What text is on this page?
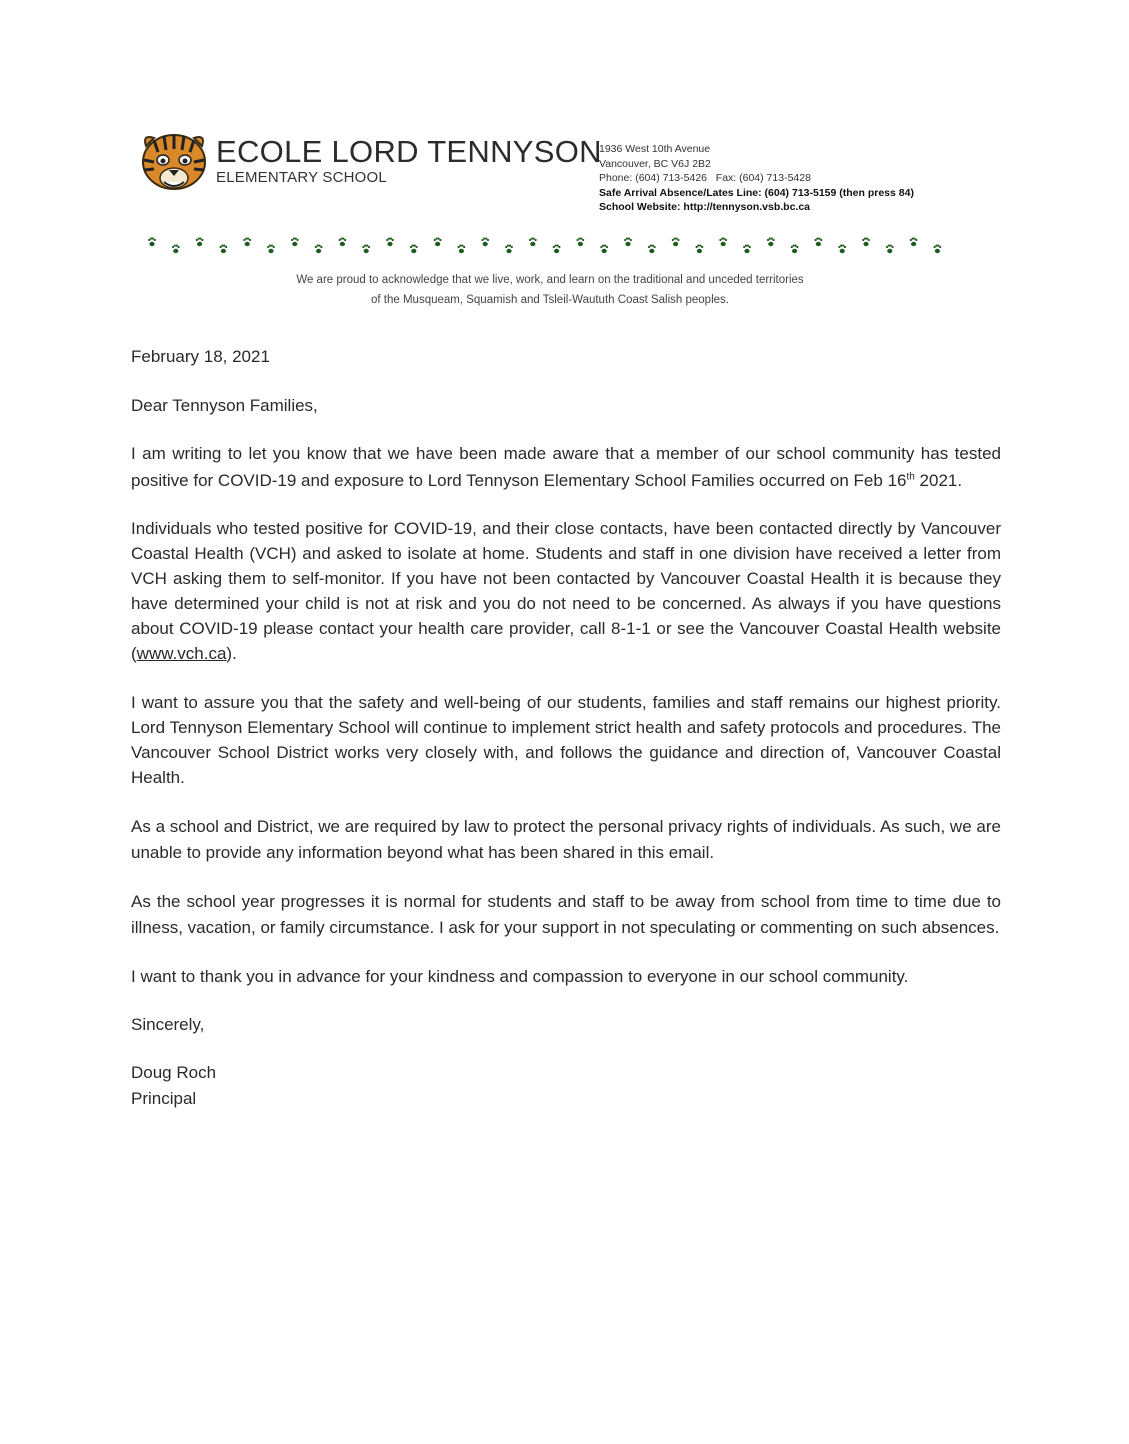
ECOLE LORD TENNYSON
ELEMENTARY SCHOOL
1936 West 10th Avenue
Vancouver, BC V6J 2B2
Phone: (604) 713-5426 Fax: (604) 713-5428
Safe Arrival Absence/Lates Line: (604) 713-5159 (then press 84)
School Website: http://tennyson.vsb.bc.ca
We are proud to acknowledge that we live, work, and learn on the traditional and unceded territories
of the Musqueam, Squamish and Tsleil-Waututh Coast Salish peoples.

February 18, 2021

Dear Tennyson Families,

I am writing to let you know that we have been made aware that a member of our school community has tested positive for COVID-19 and exposure to Lord Tennyson Elementary School Families occurred on Feb 16th 2021.

Individuals who tested positive for COVID-19, and their close contacts, have been contacted directly by Vancouver Coastal Health (VCH) and asked to isolate at home. Students and staff in one division have received a letter from VCH asking them to self-monitor. If you have not been contacted by Vancouver Coastal Health it is because they have determined your child is not at risk and you do not need to be concerned. As always if you have questions about COVID-19 please contact your health care provider, call 8-1-1 or see the Vancouver Coastal Health website (www.vch.ca).

I want to assure you that the safety and well-being of our students, families and staff remains our highest priority. Lord Tennyson Elementary School will continue to implement strict health and safety protocols and procedures. The Vancouver School District works very closely with, and follows the guidance and direction of, Vancouver Coastal Health.

As a school and District, we are required by law to protect the personal privacy rights of individuals. As such, we are unable to provide any information beyond what has been shared in this email.

As the school year progresses it is normal for students and staff to be away from school from time to time due to illness, vacation, or family circumstance. I ask for your support in not speculating or commenting on such absences.

I want to thank you in advance for your kindness and compassion to everyone in our school community.

Sincerely,

Doug Roch

Principal
